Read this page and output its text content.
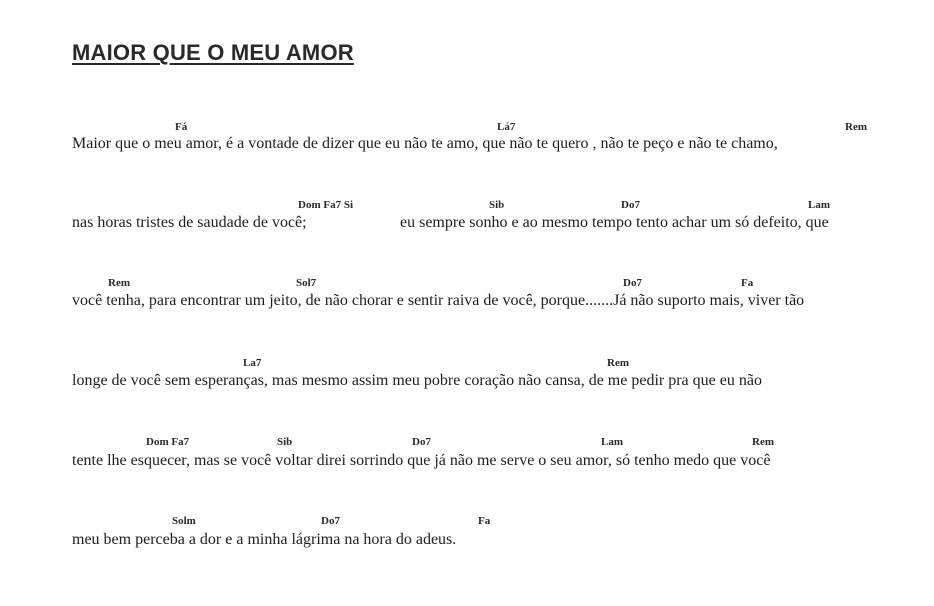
MAIOR QUE O MEU AMOR
Fá	Lá7	Rem
Maior que o meu amor, é a vontade de dizer que eu não te amo, que não te quero , não te peço e não te chamo,
Dom Fa7 Si	Sib	Do7	Lam
nas horas tristes de saudade de você;	eu sempre sonho e ao mesmo tempo tento achar um só defeito, que
Rem	Sol7	Do7	Fa
você tenha, para encontrar um jeito, de não chorar e sentir raiva de você, porque.......Já não suporto mais, viver tão
La7	Rem
longe de você sem esperanças, mas mesmo assim meu pobre coração não cansa, de me pedir pra que eu não
Dom Fa7	Sib	Do7	Lam	Rem
tente lhe esquecer, mas se você voltar direi sorrindo que já não me serve o seu amor, só tenho medo que você
Solm	Do7	Fa
meu bem perceba a dor e a minha lágrima na hora do adeus.
